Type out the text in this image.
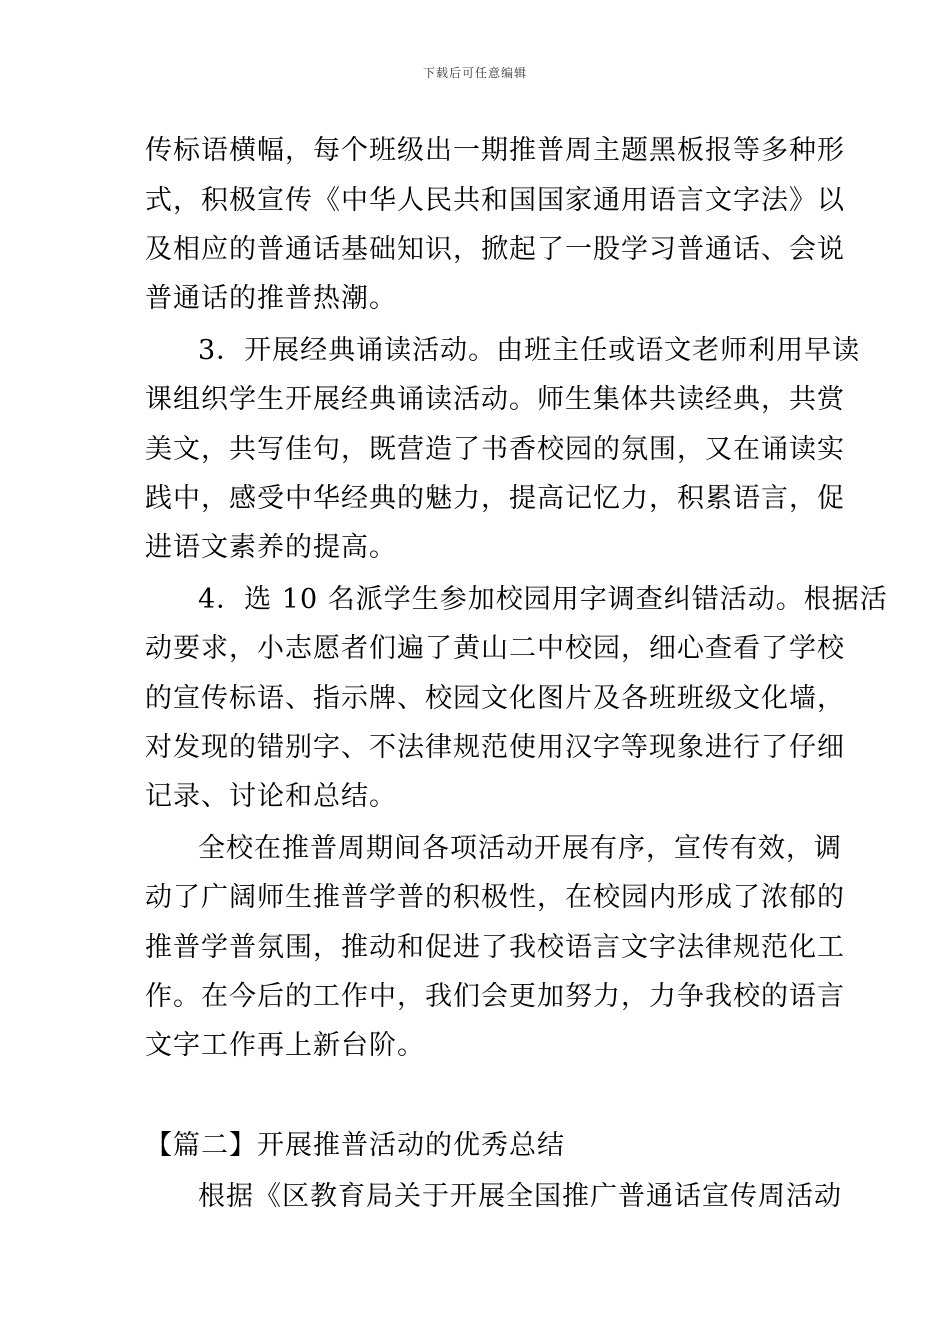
下载后可任意编辑
传标语横幅，每个班级出一期推普周主题黑板报等多种形
式，积极宣传《中华人民共和国国家通用语言文字法》以
及相应的普通话基础知识，掀起了一股学习普通话、会说
普通话的推普热潮。
3．开展经典诵读活动。由班主任或语文老师利用早读
课组织学生开展经典诵读活动。师生集体共读经典，共赏
美文，共写佳句，既营造了书香校园的氛围，又在诵读实
践中，感受中华经典的魅力，提高记忆力，积累语言，促
进语文素养的提高。
4．选 10 名派学生参加校园用字调查纠错活动。根据活
动要求，小志愿者们遍了黄山二中校园，细心查看了学校
的宣传标语、指示牌、校园文化图片及各班班级文化墙，
对发现的错别字、不法律规范使用汉字等现象进行了仔细
记录、讨论和总结。
全校在推普周期间各项活动开展有序，宣传有效，调
动了广阔师生推普学普的积极性，在校园内形成了浓郁的
推普学普氛围，推动和促进了我校语言文字法律规范化工
作。在今后的工作中，我们会更加努力，力争我校的语言
文字工作再上新台阶。
【篇二】开展推普活动的优秀总结
根据《区教育局关于开展全国推广普通话宣传周活动
